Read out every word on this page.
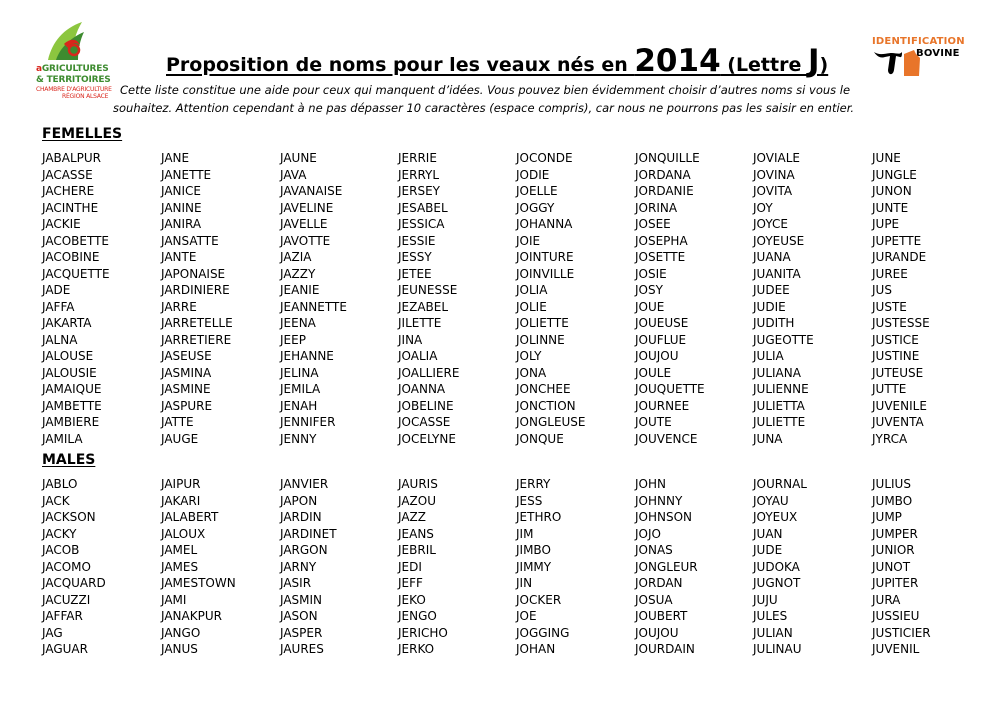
aGRICULTURES
& TERRITOIRES
CHAMBRE D'AGRICULTURE
RÉGION ALSACE
IDENTIFICATION
BOVINE
Proposition de noms pour les veaux nés en 2014 (Lettre J)
Cette liste constitue une aide pour ceux qui manquent d’idées. Vous pouvez bien évidemment choisir d’autres noms si vous le
souhaitez. Attention cependant à ne pas dépasser 10 caractères (espace compris), car nous ne pourrons pas les saisir en entier.
FEMELLES
JABALPUR
JACASSE
JACHERE
JACINTHE
JACKIE
JACOBETTE
JACOBINE
JACQUETTE
JADE
JAFFA
JAKARTA
JALNA
JALOUSE
JALOUSIE
JAMAIQUE
JAMBETTE
JAMBIERE
JAMILA
JANE
JANETTE
JANICE
JANINE
JANIRA
JANSATTE
JANTE
JAPONAISE
JARDINIERE
JARRE
JARRETELLE
JARRETIERE
JASEUSE
JASMINA
JASMINE
JASPURE
JATTE
JAUGE
JAUNE
JAVA
JAVANAISE
JAVELINE
JAVELLE
JAVOTTE
JAZIA
JAZZY
JEANIE
JEANNETTE
JEENA
JEEP
JEHANNE
JELINA
JEMILA
JENAH
JENNIFER
JENNY
JERRIE
JERRYL
JERSEY
JESABEL
JESSICA
JESSIE
JESSY
JETEE
JEUNESSE
JEZABEL
JILETTE
JINA
JOALIA
JOALLIERE
JOANNA
JOBELINE
JOCASSE
JOCELYNE
JOCONDE
JODIE
JOELLE
JOGGY
JOHANNA
JOIE
JOINTURE
JOINVILLE
JOLIA
JOLIE
JOLIETTE
JOLINNE
JOLY
JONA
JONCHEE
JONCTION
JONGLEUSE
JONQUE
JONQUILLE
JORDANA
JORDANIE
JORINA
JOSEE
JOSEPHA
JOSETTE
JOSIE
JOSY
JOUE
JOUEUSE
JOUFLUE
JOUJOU
JOULE
JOUQUETTE
JOURNEE
JOUTE
JOUVENCE
JOVIALE
JOVINA
JOVITA
JOY
JOYCE
JOYEUSE
JUANA
JUANITA
JUDEE
JUDIE
JUDITH
JUGEOTTE
JULIA
JULIANA
JULIENNE
JULIETTA
JULIETTE
JUNA
JUNE
JUNGLE
JUNON
JUNTE
JUPE
JUPETTE
JURANDE
JUREE
JUS
JUSTE
JUSTESSE
JUSTICE
JUSTINE
JUTEUSE
JUTTE
JUVENILE
JUVENTA
JYRCA
MALES
JABLO
JACK
JACKSON
JACKY
JACOB
JACOMO
JACQUARD
JACUZZI
JAFFAR
JAG
JAGUAR
JAIPUR
JAKARI
JALABERT
JALOUX
JAMEL
JAMES
JAMESTOWN
JAMI
JANAKPUR
JANGO
JANUS
JANVIER
JAPON
JARDIN
JARDINET
JARGON
JARNY
JASIR
JASMIN
JASON
JASPER
JAURES
JAURIS
JAZOU
JAZZ
JEANS
JEBRIL
JEDI
JEFF
JEKO
JENGO
JERICHO
JERKO
JERRY
JESS
JETHRO
JIM
JIMBO
JIMMY
JIN
JOCKER
JOE
JOGGING
JOHAN
JOHN
JOHNNY
JOHNSON
JOJO
JONAS
JONGLEUR
JORDAN
JOSUA
JOUBERT
JOUJOU
JOURDAIN
JOURNAL
JOYAU
JOYEUX
JUAN
JUDE
JUDOKA
JUGNOT
JUJU
JULES
JULIAN
JULINAU
JULIUS
JUMBO
JUMP
JUMPER
JUNIOR
JUNOT
JUPITER
JURA
JUSSIEU
JUSTICIER
JUVENIL
